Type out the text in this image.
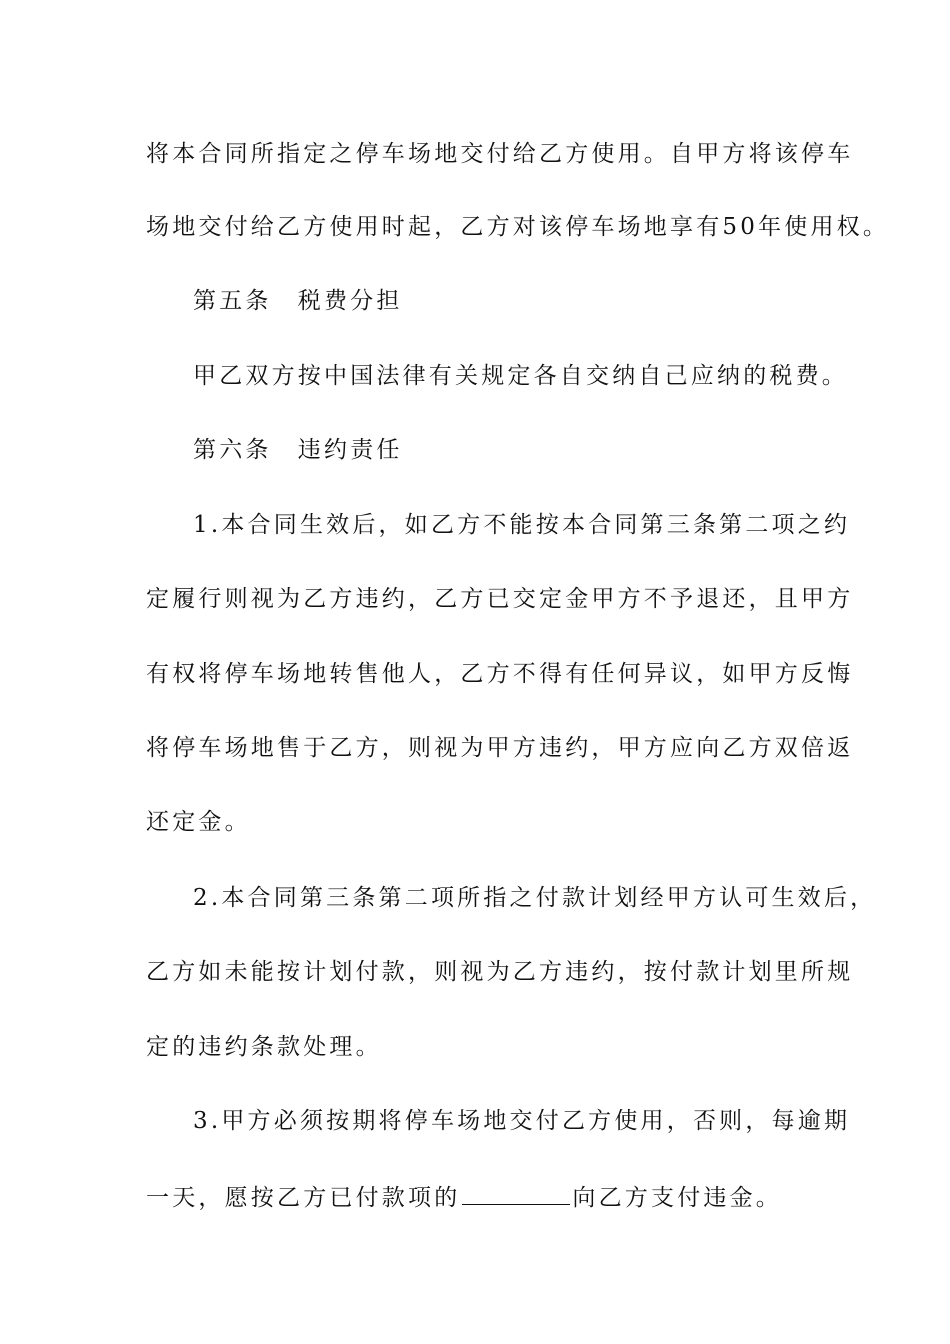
将本合同所指定之停车场地交付给乙方使用。自甲方将该停车
场地交付给乙方使用时起，乙方对该停车场地享有50年使用权。
第五条　税费分担
甲乙双方按中国法律有关规定各自交纳自己应纳的税费。
第六条　违约责任
1.本合同生效后，如乙方不能按本合同第三条第二项之约
定履行则视为乙方违约，乙方已交定金甲方不予退还，且甲方
有权将停车场地转售他人，乙方不得有任何异议，如甲方反悔
将停车场地售于乙方，则视为甲方违约，甲方应向乙方双倍返
还定金。
2.本合同第三条第二项所指之付款计划经甲方认可生效后，
乙方如未能按计划付款，则视为乙方违约，按付款计划里所规
定的违约条款处理。
3.甲方必须按期将停车场地交付乙方使用，否则，每逾期
一天，愿按乙方已付款项的	向乙方支付违金。
